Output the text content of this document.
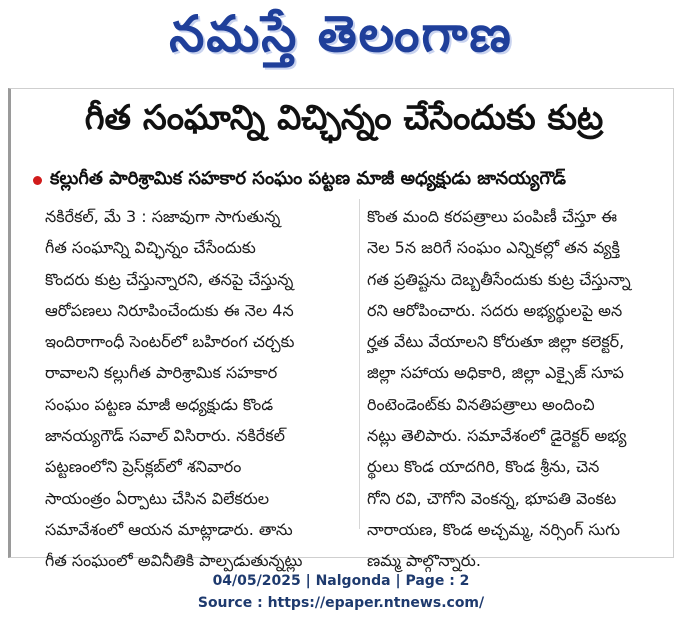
నమస్తే తెలంగాణ
గీత సంఘాన్ని విచ్ఛిన్నం చేసేందుకు కుట్ర
కల్లుగీత పారిశ్రామిక సహకార సంఘం పట్టణ మాజీ అధ్యక్షుడు జానయ్యగౌడ్
నకిరేకల్, మే 3 : సజావుగా సాగుతున్న
గీత సంఘాన్ని విచ్ఛిన్నం చేసేందుకు
కొందరు కుట్ర చేస్తున్నారని, తనపై చేస్తున్న
ఆరోపణలు నిరూపించేందుకు ఈ నెల 4న
ఇందిరాగాంధీ సెంటర్‌లో బహిరంగ చర్చకు
రావాలని కల్లుగీత పారిశ్రామిక సహకార
సంఘం పట్టణ మాజీ అధ్యక్షుడు కొండ
జానయ్యగౌడ్ సవాల్ విసిరారు. నకిరేకల్
పట్టణంలోని ప్రెస్‌క్లబ్‌లో శనివారం
సాయంత్రం ఏర్పాటు చేసిన విలేకరుల
సమావేశంలో ఆయన మాట్లాడారు. తాను
గీత సంఘంలో అవినీతికి పాల్పడుతున్నట్లు
కొంత మంది కరపత్రాలు పంపిణీ చేస్తూ ఈ
నెల 5న జరిగే సంఘం ఎన్నికల్లో తన వ్యక్తి
గత ప్రతిష్టను దెబ్బతీసేందుకు కుట్ర చేస్తున్నా
రని ఆరోపించారు. సదరు అభ్యర్థులపై అన
ర్హత వేటు వేయాలని కోరుతూ జిల్లా కలెక్టర్,
జిల్లా సహాయ అధికారి, జిల్లా ఎక్సైజ్ సూప
రింటెండెంట్‌కు వినతిపత్రాలు అందించి
నట్లు తెలిపారు. సమావేశంలో డైరెక్టర్ అభ్య
ర్థులు కొండ యాదగిరి, కొండ శ్రీను, చెన
గోని రవి, చౌగోని వెంకన్న, భూపతి వెంకట
నారాయణ, కొండ అచ్చమ్మ, నర్సింగ్ సుగు
ణమ్మ పాల్గొన్నారు.
04/05/2025 | Nalgonda | Page : 2
Source : https://epaper.ntnews.com/
